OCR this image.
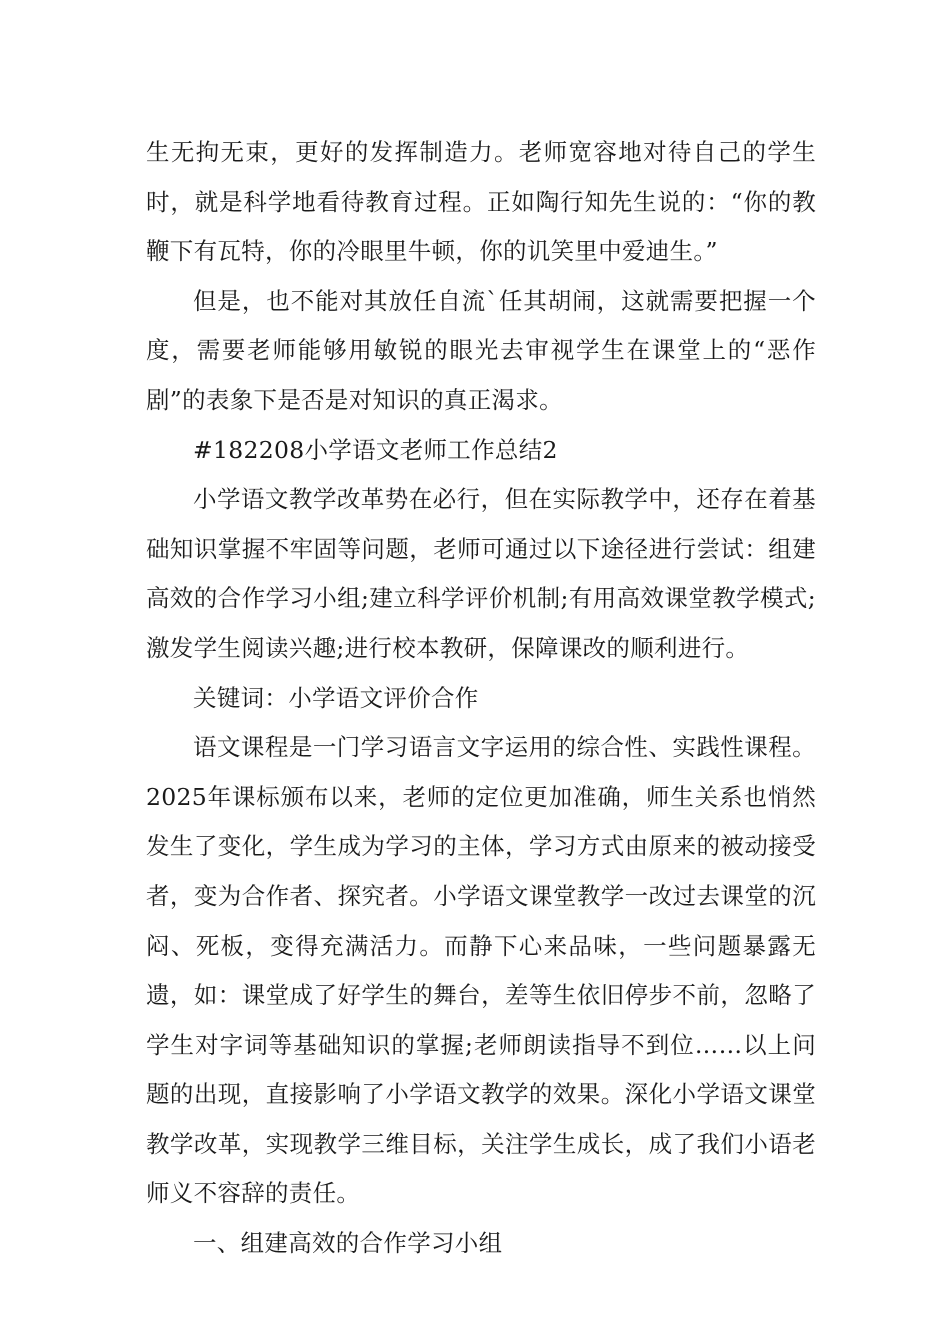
生无拘无束，更好的发挥制造力。老师宽容地对待自己的学生时，就是科学地看待教育过程。正如陶行知先生说的：“你的教鞭下有瓦特，你的冷眼里牛顿，你的讥笑里中爱迪生。”

但是，也不能对其放任自流`任其胡闹，这就需要把握一个度，需要老师能够用敏锐的眼光去审视学生在课堂上的“恶作剧”的表象下是否是对知识的真正渴求。

#182208小学语文老师工作总结2

小学语文教学改革势在必行，但在实际教学中，还存在着基础知识掌握不牢固等问题，老师可通过以下途径进行尝试：组建高效的合作学习小组;建立科学评价机制;有用高效课堂教学模式;激发学生阅读兴趣;进行校本教研，保障课改的顺利进行。

关键词：小学语文评价合作

语文课程是一门学习语言文字运用的综合性、实践性课程。2025年课标颁布以来，老师的定位更加准确，师生关系也悄然发生了变化，学生成为学习的主体，学习方式由原来的被动接受者，变为合作者、探究者。小学语文课堂教学一改过去课堂的沉闷、死板，变得充满活力。而静下心来品味，一些问题暴露无遗，如：课堂成了好学生的舞台，差等生依旧停步不前，忽略了学生对字词等基础知识的掌握;老师朗读指导不到位……以上问题的出现，直接影响了小学语文教学的效果。深化小学语文课堂教学改革，实现教学三维目标，关注学生成长，成了我们小语老师义不容辞的责任。

一、组建高效的合作学习小组
